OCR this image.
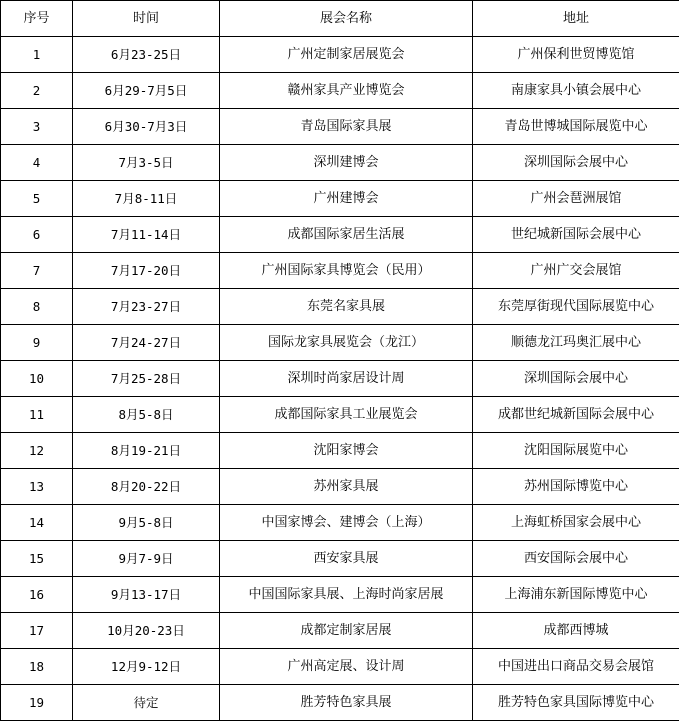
序号	时间	展会名称	地址
1	6月23-25日	广州定制家居展览会	广州保利世贸博览馆
2	6月29-7月5日	赣州家具产业博览会	南康家具小镇会展中心
3	6月30-7月3日	青岛国际家具展	青岛世博城国际展览中心
4	7月3-5日	深圳建博会	深圳国际会展中心
5	7月8-11日	广州建博会	广州会琶洲展馆
6	7月11-14日	成都国际家居生活展	世纪城新国际会展中心
7	7月17-20日	广州国际家具博览会（民用）	广州广交会展馆
8	7月23-27日	东莞名家具展	东莞厚街现代国际展览中心
9	7月24-27日	国际龙家具展览会（龙江）	顺德龙江玛奥汇展中心
10	7月25-28日	深圳时尚家居设计周	深圳国际会展中心
11	8月5-8日	成都国际家具工业展览会	成都世纪城新国际会展中心
12	8月19-21日	沈阳家博会	沈阳国际展览中心
13	8月20-22日	苏州家具展	苏州国际博览中心
14	9月5-8日	中国家博会、建博会（上海）	上海虹桥国家会展中心
15	9月7-9日	西安家具展	西安国际会展中心
16	9月13-17日	中国国际家具展、上海时尚家居展	上海浦东新国际博览中心
17	10月20-23日	成都定制家居展	成都西博城
18	12月9-12日	广州高定展、设计周	中国进出口商品交易会展馆
19	待定	胜芳特色家具展	胜芳特色家具国际博览中心
